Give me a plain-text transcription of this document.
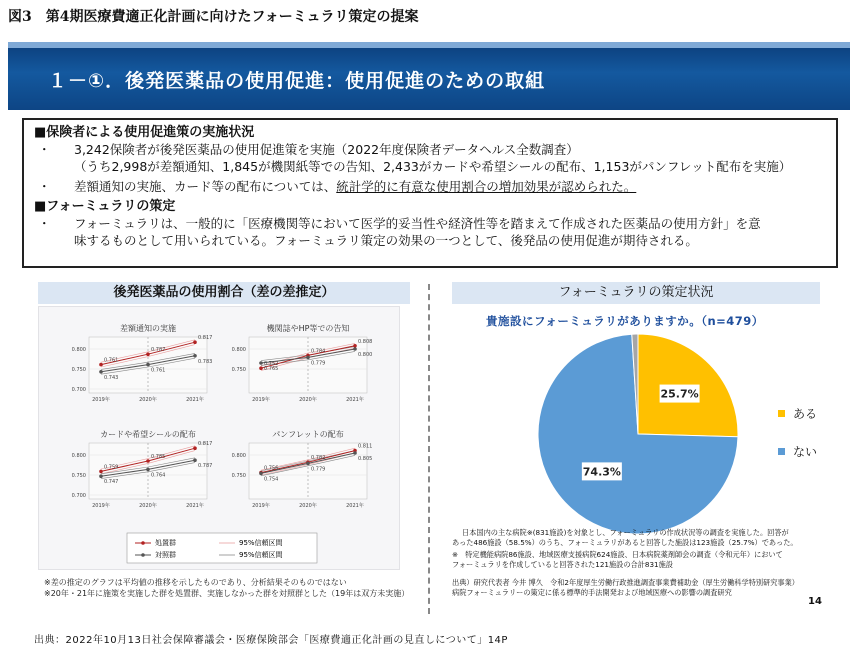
図3　第4期医療費適正化計画に向けたフォーミュラリ策定の提案
１－①．後発医薬品の使用促進：使用促進のための取組
■保険者による使用促進策の実施状況
・	3,242保険者が後発医薬品の使用促進策を実施（2022年度保険者データヘルス全数調査）
（うち2,998が差額通知、1,845が機関紙等での告知、2,433がカードや希望シールの配布、1,153がパンフレット配布を実施）
・	差額通知の実施、カード等の配布については、統計学的に有意な使用割合の増加効果が認められた。
■フォーミュラリの策定
・	フォーミュラリは、一般的に「医療機関等において医学的妥当性や経済性等を踏まえて作成された医薬品の使用方針」を意
味するものとして用いられている。フォーミュラリ策定の効果の一つとして、後発品の使用促進が期待される。
後発医薬品の使用割合（差の差推定）
差額通知の実施
0.800
0.750
0.700
2019年	2020年	2021年
0.761
0.787
0.817
0.743
0.761
0.783
機関誌やHP等での告知
0.800
0.750
2019年	2020年	2021年
0.752
0.784
0.808
0.765
0.779
0.800
カードや希望シールの配布
0.800
0.750
0.700
2019年	2020年	2021年
0.759
0.785
0.817
0.747
0.764
0.787
パンフレットの配布
0.800
0.750
2019年	2020年	2021年
0.756
0.782
0.811
0.754
0.779
0.805
処置群
対照群
95%信頼区間
95%信頼区間
※差の推定のグラフは平均値の推移を示したものであり、分析結果そのものではない
※20年・21年に施策を実施した群を処置群、実施しなかった群を対照群とした（19年は双方未実施）
フォーミュラリの策定状況
貴施設にフォーミュラリがありますか。（n=479）
25.7%
74.3%
ある
ない
日本国内の主な病院※(831施設)を対象とし、フォーミュラリの作成状況等の調査を実施した。回答が
あった486施設（58.5%）のうち、フォーミュラリがあると回答した施設は123施設（25.7%）であった。
※　特定機能病院86施設、地域医療支援病院624施設、日本病院薬剤師会の調査（令和元年）において
フォーミュラリを作成していると回答された121施設の合計831施設
出典）研究代表者 今井 博久　令和2年度厚生労働行政推進調査事業費補助金（厚生労働科学特別研究事業）
病院フォーミュラリーの策定に係る標準的手法開発および地域医療への影響の調査研究
14
出典：2022年10月13日社会保障審議会・医療保険部会「医療費適正化計画の見直しについて」14P
